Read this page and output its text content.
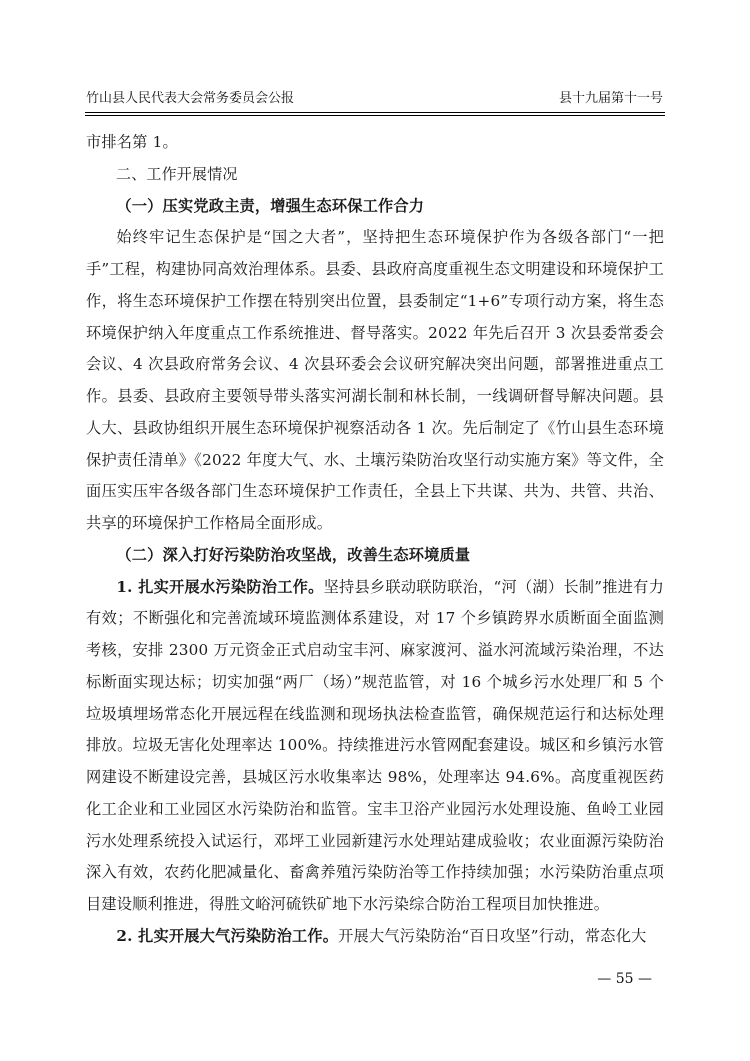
竹山县人民代表大会常务委员会公报	县十九届第十一号

市排名第 1。

二、工作开展情况

（一）压实党政主责，增强生态环保工作合力

始终牢记生态保护是“国之大者”，坚持把生态环境保护作为各级各部门“一把手”工程，构建协同高效治理体系。县委、县政府高度重视生态文明建设和环境保护工作，将生态环境保护工作摆在特别突出位置，县委制定“1+6”专项行动方案，将生态环境保护纳入年度重点工作系统推进、督导落实。2022 年先后召开 3 次县委常委会会议、4 次县政府常务会议、4 次县环委会会议研究解决突出问题，部署推进重点工作。县委、县政府主要领导带头落实河湖长制和林长制，一线调研督导解决问题。县人大、县政协组织开展生态环境保护视察活动各 1 次。先后制定了《竹山县生态环境保护责任清单》《2022 年度大气、水、土壤污染防治攻坚行动实施方案》等文件，全面压实压牢各级各部门生态环境保护工作责任，全县上下共谋、共为、共管、共治、共享的环境保护工作格局全面形成。

（二）深入打好污染防治攻坚战，改善生态环境质量

1. 扎实开展水污染防治工作。坚持县乡联动联防联治，“河（湖）长制”推进有力有效；不断强化和完善流域环境监测体系建设，对 17 个乡镇跨界水质断面全面监测考核，安排 2300 万元资金正式启动宝丰河、麻家渡河、溢水河流域污染治理，不达标断面实现达标；切实加强“两厂（场）”规范监管，对 16 个城乡污水处理厂和 5 个垃圾填埋场常态化开展远程在线监测和现场执法检查监管，确保规范运行和达标处理排放。垃圾无害化处理率达 100%。持续推进污水管网配套建设。城区和乡镇污水管网建设不断建设完善，县城区污水收集率达 98%，处理率达 94.6%。高度重视医药化工企业和工业园区水污染防治和监管。宝丰卫浴产业园污水处理设施、鱼岭工业园污水处理系统投入试运行，邓坪工业园新建污水处理站建成验收；农业面源污染防治深入有效，农药化肥减量化、畜禽养殖污染防治等工作持续加强；水污染防治重点项目建设顺利推进，得胜文峪河硫铁矿地下水污染综合防治工程项目加快推进。

2. 扎实开展大气污染防治工作。开展大气污染防治“百日攻坚”行动，常态化大

— 55 —
